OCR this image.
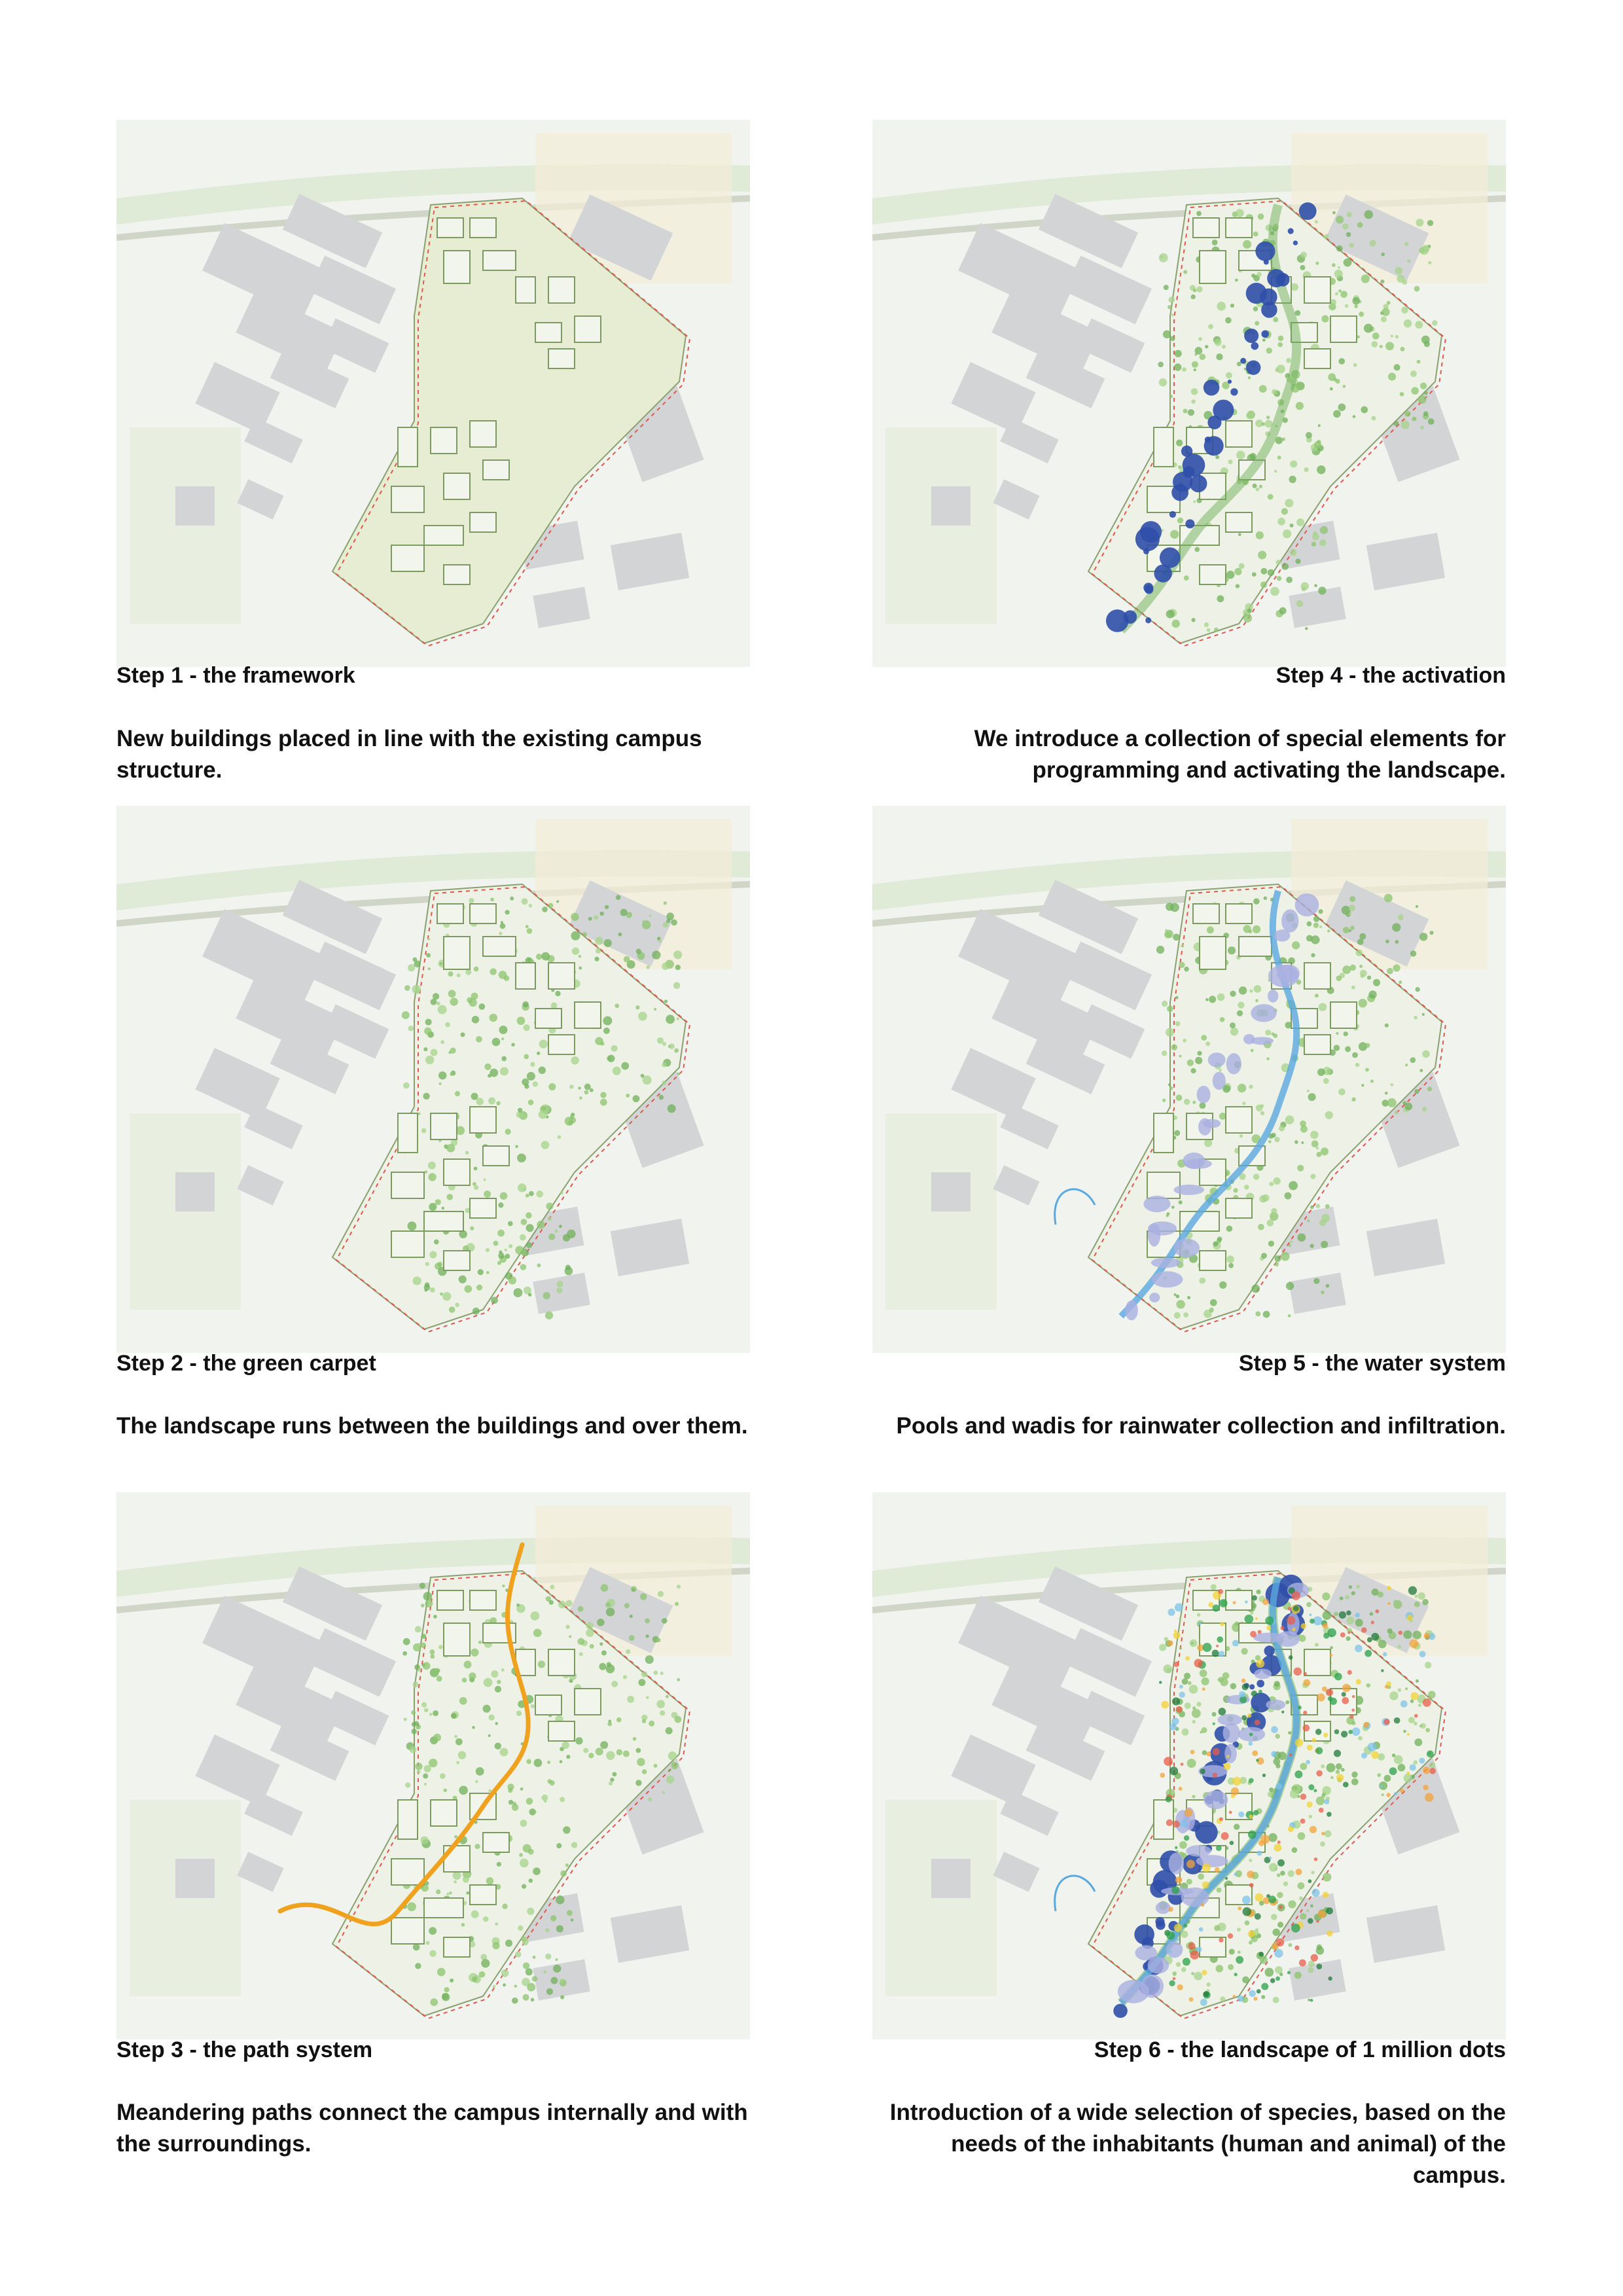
Step 1 - the framework
New buildings placed in line with the existing campus structure.
Step 2 - the green carpet
The landscape runs between the buildings and over them.
Step 3 - the path system
Meandering paths connect the campus internally and with the surroundings.
Step 4 - the activation
We introduce a collection of special elements for programming and activating the landscape.
Step 5 - the water system
Pools and wadis for rainwater collection and infiltration.
Step 6 - the landscape of 1 million dots
Introduction of a wide selection of species, based on the needs of the inhabitants (human and animal) of the campus.
